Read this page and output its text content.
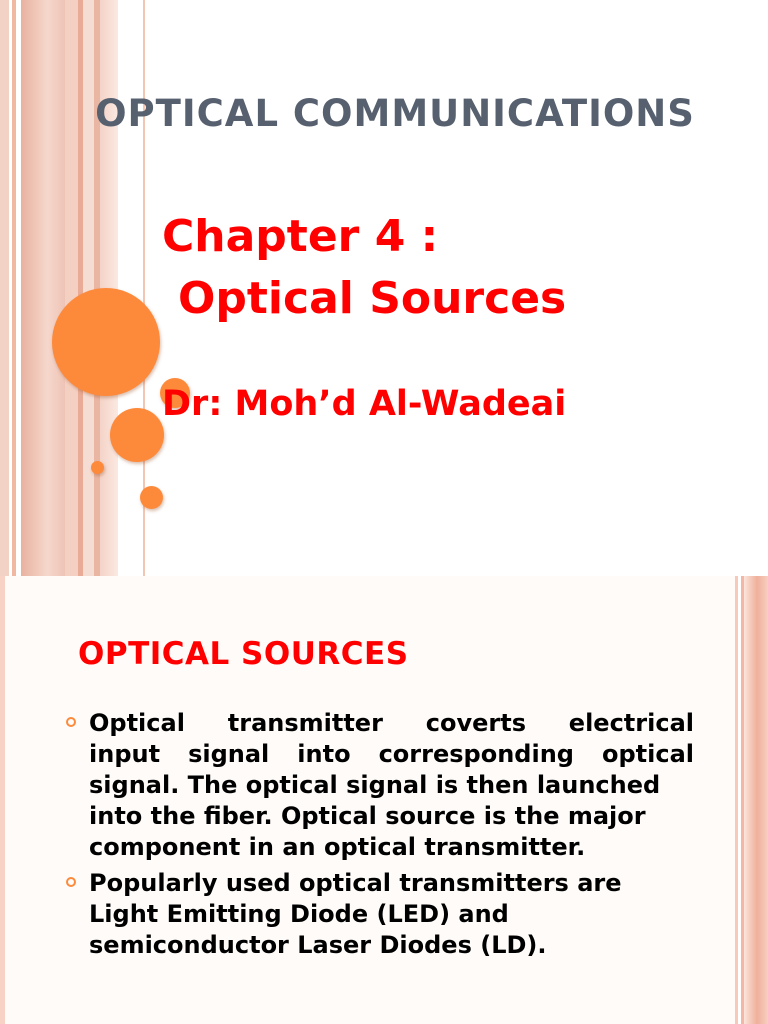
OPTICAL COMMUNICATIONS
Chapter 4 :
Optical Sources
Dr: Moh’d Al-Wadeai
OPTICAL SOURCES
Optical transmitter coverts electrical
input signal into corresponding optical
signal. The optical signal is then launched into the fiber. Optical source is the major component in an optical transmitter.
Popularly used optical transmitters are Light Emitting Diode (LED) and semiconductor Laser Diodes (LD).
